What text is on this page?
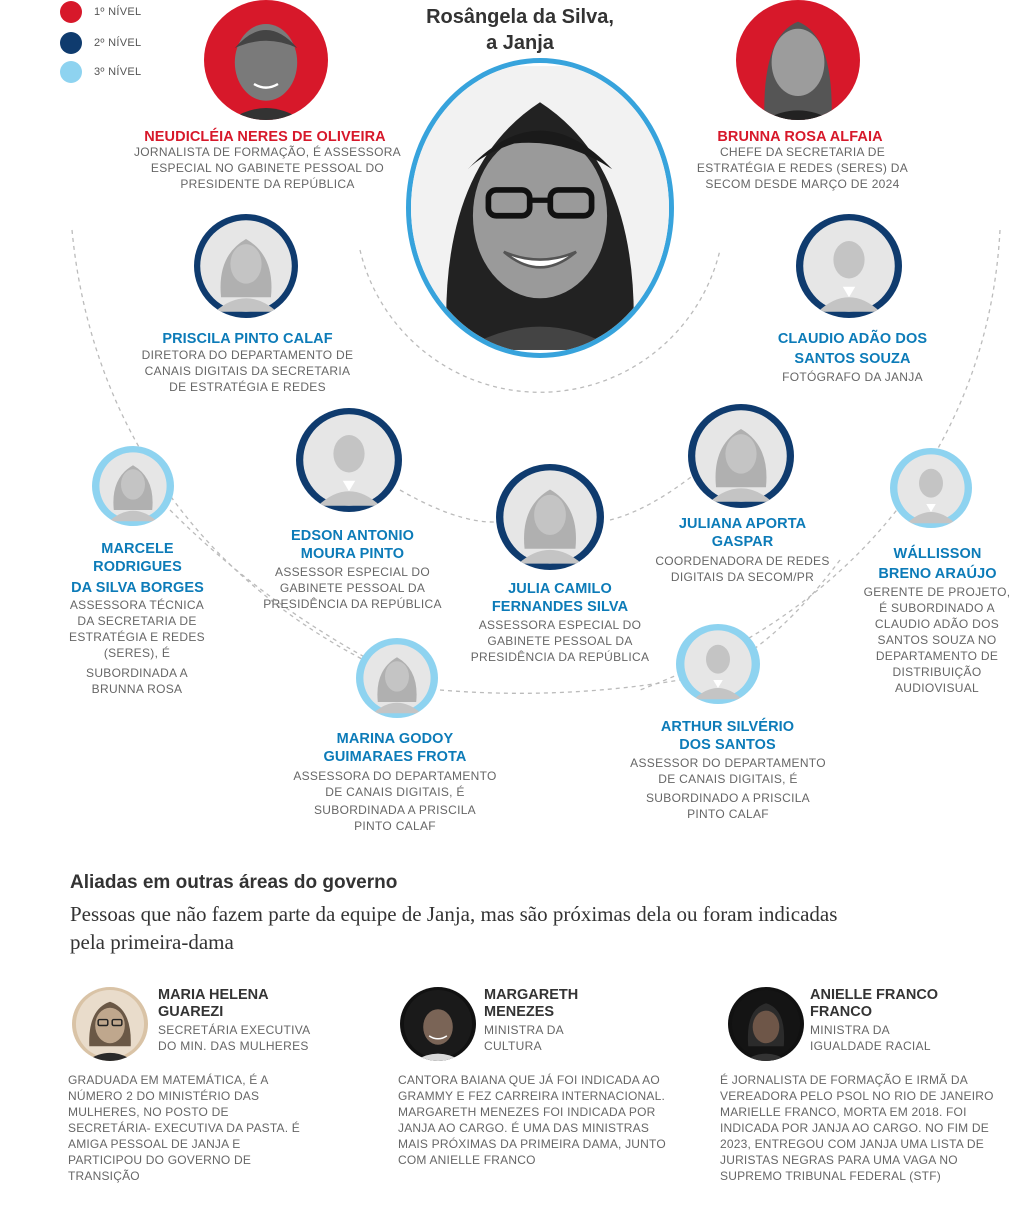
1º NÍVEL
2º NÍVEL
3º NÍVEL
Rosângela da Silva,
a Janja
NEUDICLÉIA NERES DE OLIVEIRA
JORNALISTA DE FORMAÇÃO, É ASSESSORA ESPECIAL NO GABINETE PESSOAL DO PRESIDENTE DA REPÚBLICA
BRUNNA ROSA ALFAIA
CHEFE DA SECRETARIA DE ESTRATÉGIA E REDES (SERES) DA SECOM DESDE MARÇO DE 2024
PRISCILA PINTO CALAF
DIRETORA DO DEPARTAMENTO DE CANAIS DIGITAIS DA SECRETARIA DE ESTRATÉGIA E REDES
CLAUDIO ADÃO DOS
SANTOS SOUZA
FOTÓGRAFO DA JANJA
EDSON ANTONIO
MOURA PINTO
ASSESSOR ESPECIAL DO GABINETE PESSOAL DA PRESIDÊNCIA DA REPÚBLICA
JULIANA APORTA
GASPAR
COORDENADORA DE REDES DIGITAIS DA SECOM/PR
JULIA CAMILO
FERNANDES SILVA
ASSESSORA ESPECIAL DO GABINETE PESSOAL DA PRESIDÊNCIA DA REPÚBLICA
MARCELE
RODRIGUES
DA SILVA BORGES
ASSESSORA TÉCNICA DA SECRETARIA DE ESTRATÉGIA E REDES (SERES), É
SUBORDINADA A BRUNNA ROSA
WÁLLISSON
BRENO ARAÚJO
GERENTE DE PROJETO, É SUBORDINADO A CLAUDIO ADÃO DOS SANTOS SOUZA NO DEPARTAMENTO DE DISTRIBUIÇÃO AUDIOVISUAL
MARINA GODOY
GUIMARAES FROTA
ASSESSORA DO DEPARTAMENTO DE CANAIS DIGITAIS, É
SUBORDINADA A PRISCILA PINTO CALAF
ARTHUR SILVÉRIO
DOS SANTOS
ASSESSOR DO DEPARTAMENTO DE CANAIS DIGITAIS, É
SUBORDINADO A PRISCILA PINTO CALAF
Aliadas em outras áreas do governo
Pessoas que não fazem parte da equipe de Janja, mas são próximas dela ou foram indicadas pela primeira-dama
MARIA HELENA
GUAREZI
SECRETÁRIA EXECUTIVA DO MIN. DAS MULHERES
GRADUADA EM MATEMÁTICA, É A NÚMERO 2 DO MINISTÉRIO DAS MULHERES, NO POSTO DE SECRETÁRIA- EXECUTIVA DA PASTA. É AMIGA PESSOAL DE JANJA E PARTICIPOU DO GOVERNO DE TRANSIÇÃO
MARGARETH
MENEZES
MINISTRA DA CULTURA
CANTORA BAIANA QUE JÁ FOI INDICADA AO GRAMMY E FEZ CARREIRA INTERNACIONAL. MARGARETH MENEZES FOI INDICADA POR JANJA AO CARGO. É UMA DAS MINISTRAS MAIS PRÓXIMAS DA PRIMEIRA DAMA, JUNTO COM ANIELLE FRANCO
ANIELLE FRANCO
FRANCO
MINISTRA DA IGUALDADE RACIAL
É JORNALISTA DE FORMAÇÃO E IRMÃ DA VEREADORA PELO PSOL NO RIO DE JANEIRO MARIELLE FRANCO, MORTA EM 2018. FOI INDICADA POR JANJA AO CARGO. NO FIM DE 2023, ENTREGOU COM JANJA UMA LISTA DE JURISTAS NEGRAS PARA UMA VAGA NO SUPREMO TRIBUNAL FEDERAL (STF)
